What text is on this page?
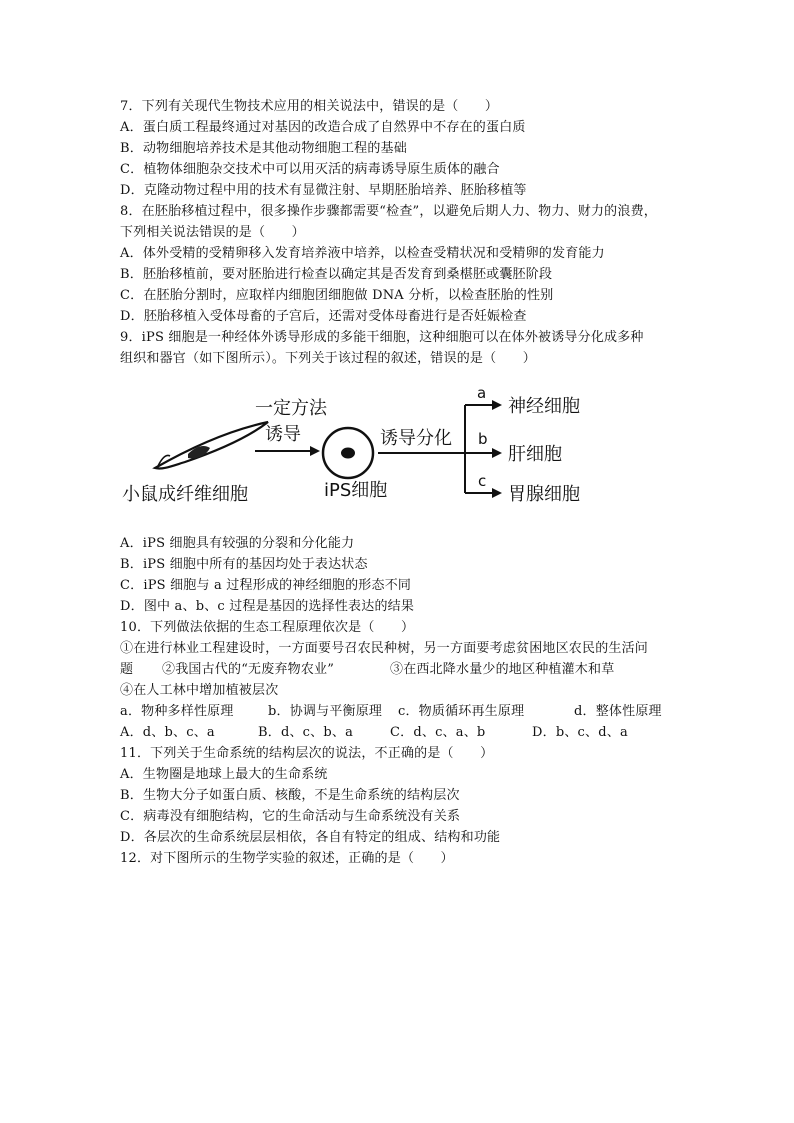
7．下列有关现代生物技术应用的相关说法中，错误的是（　　）
A．蛋白质工程最终通过对基因的改造合成了自然界中不存在的蛋白质
B．动物细胞培养技术是其他动物细胞工程的基础
C．植物体细胞杂交技术中可以用灭活的病毒诱导原生质体的融合
D．克隆动物过程中用的技术有显微注射、早期胚胎培养、胚胎移植等
8．在胚胎移植过程中，很多操作步骤都需要“检查”，以避免后期人力、物力、财力的浪费，
下列相关说法错误的是（　　）
A．体外受精的受精卵移入发育培养液中培养，以检查受精状况和受精卵的发育能力
B．胚胎移植前，要对胚胎进行检查以确定其是否发育到桑椹胚或囊胚阶段
C．在胚胎分割时，应取样内细胞团细胞做 DNA 分析，以检查胚胎的性别
D．胚胎移植入受体母畜的子宫后，还需对受体母畜进行是否妊娠检查
9．iPS 细胞是一种经体外诱导形成的多能干细胞，这种细胞可以在体外被诱导分化成多种
组织和器官（如下图所示）。下列关于该过程的叙述，错误的是（　　）
小鼠成纤维细胞
一定方法
诱导
iPS细胞
诱导分化
a
神经细胞
b
肝细胞
c
胃腺细胞
A．iPS 细胞具有较强的分裂和分化能力
B．iPS 细胞中所有的基因均处于表达状态
C．iPS 细胞与 a 过程形成的神经细胞的形态不同
D．图中 a、b、c 过程是基因的选择性表达的结果
10．下列做法依据的生态工程原理依次是（　　）
①在进行林业工程建设时，一方面要号召农民种树，另一方面要考虑贫困地区农民的生活问
题 ②我国古代的“无废弃物农业”	③在西北降水量少的地区种植灌木和草
④在人工林中增加植被层次
a．物种多样性原理	b．协调与平衡原理 c．物质循环再生原理	d．整体性原理
A．d、b、c、a	B．d、c、b、a	C．d、c、a、b	D．b、c、d、a
11．下列关于生命系统的结构层次的说法，不正确的是（　　）
A．生物圈是地球上最大的生命系统
B．生物大分子如蛋白质、核酸，不是生命系统的结构层次
C．病毒没有细胞结构，它的生命活动与生命系统没有关系
D．各层次的生命系统层层相依，各自有特定的组成、结构和功能
12．对下图所示的生物学实验的叙述，正确的是（　　）
